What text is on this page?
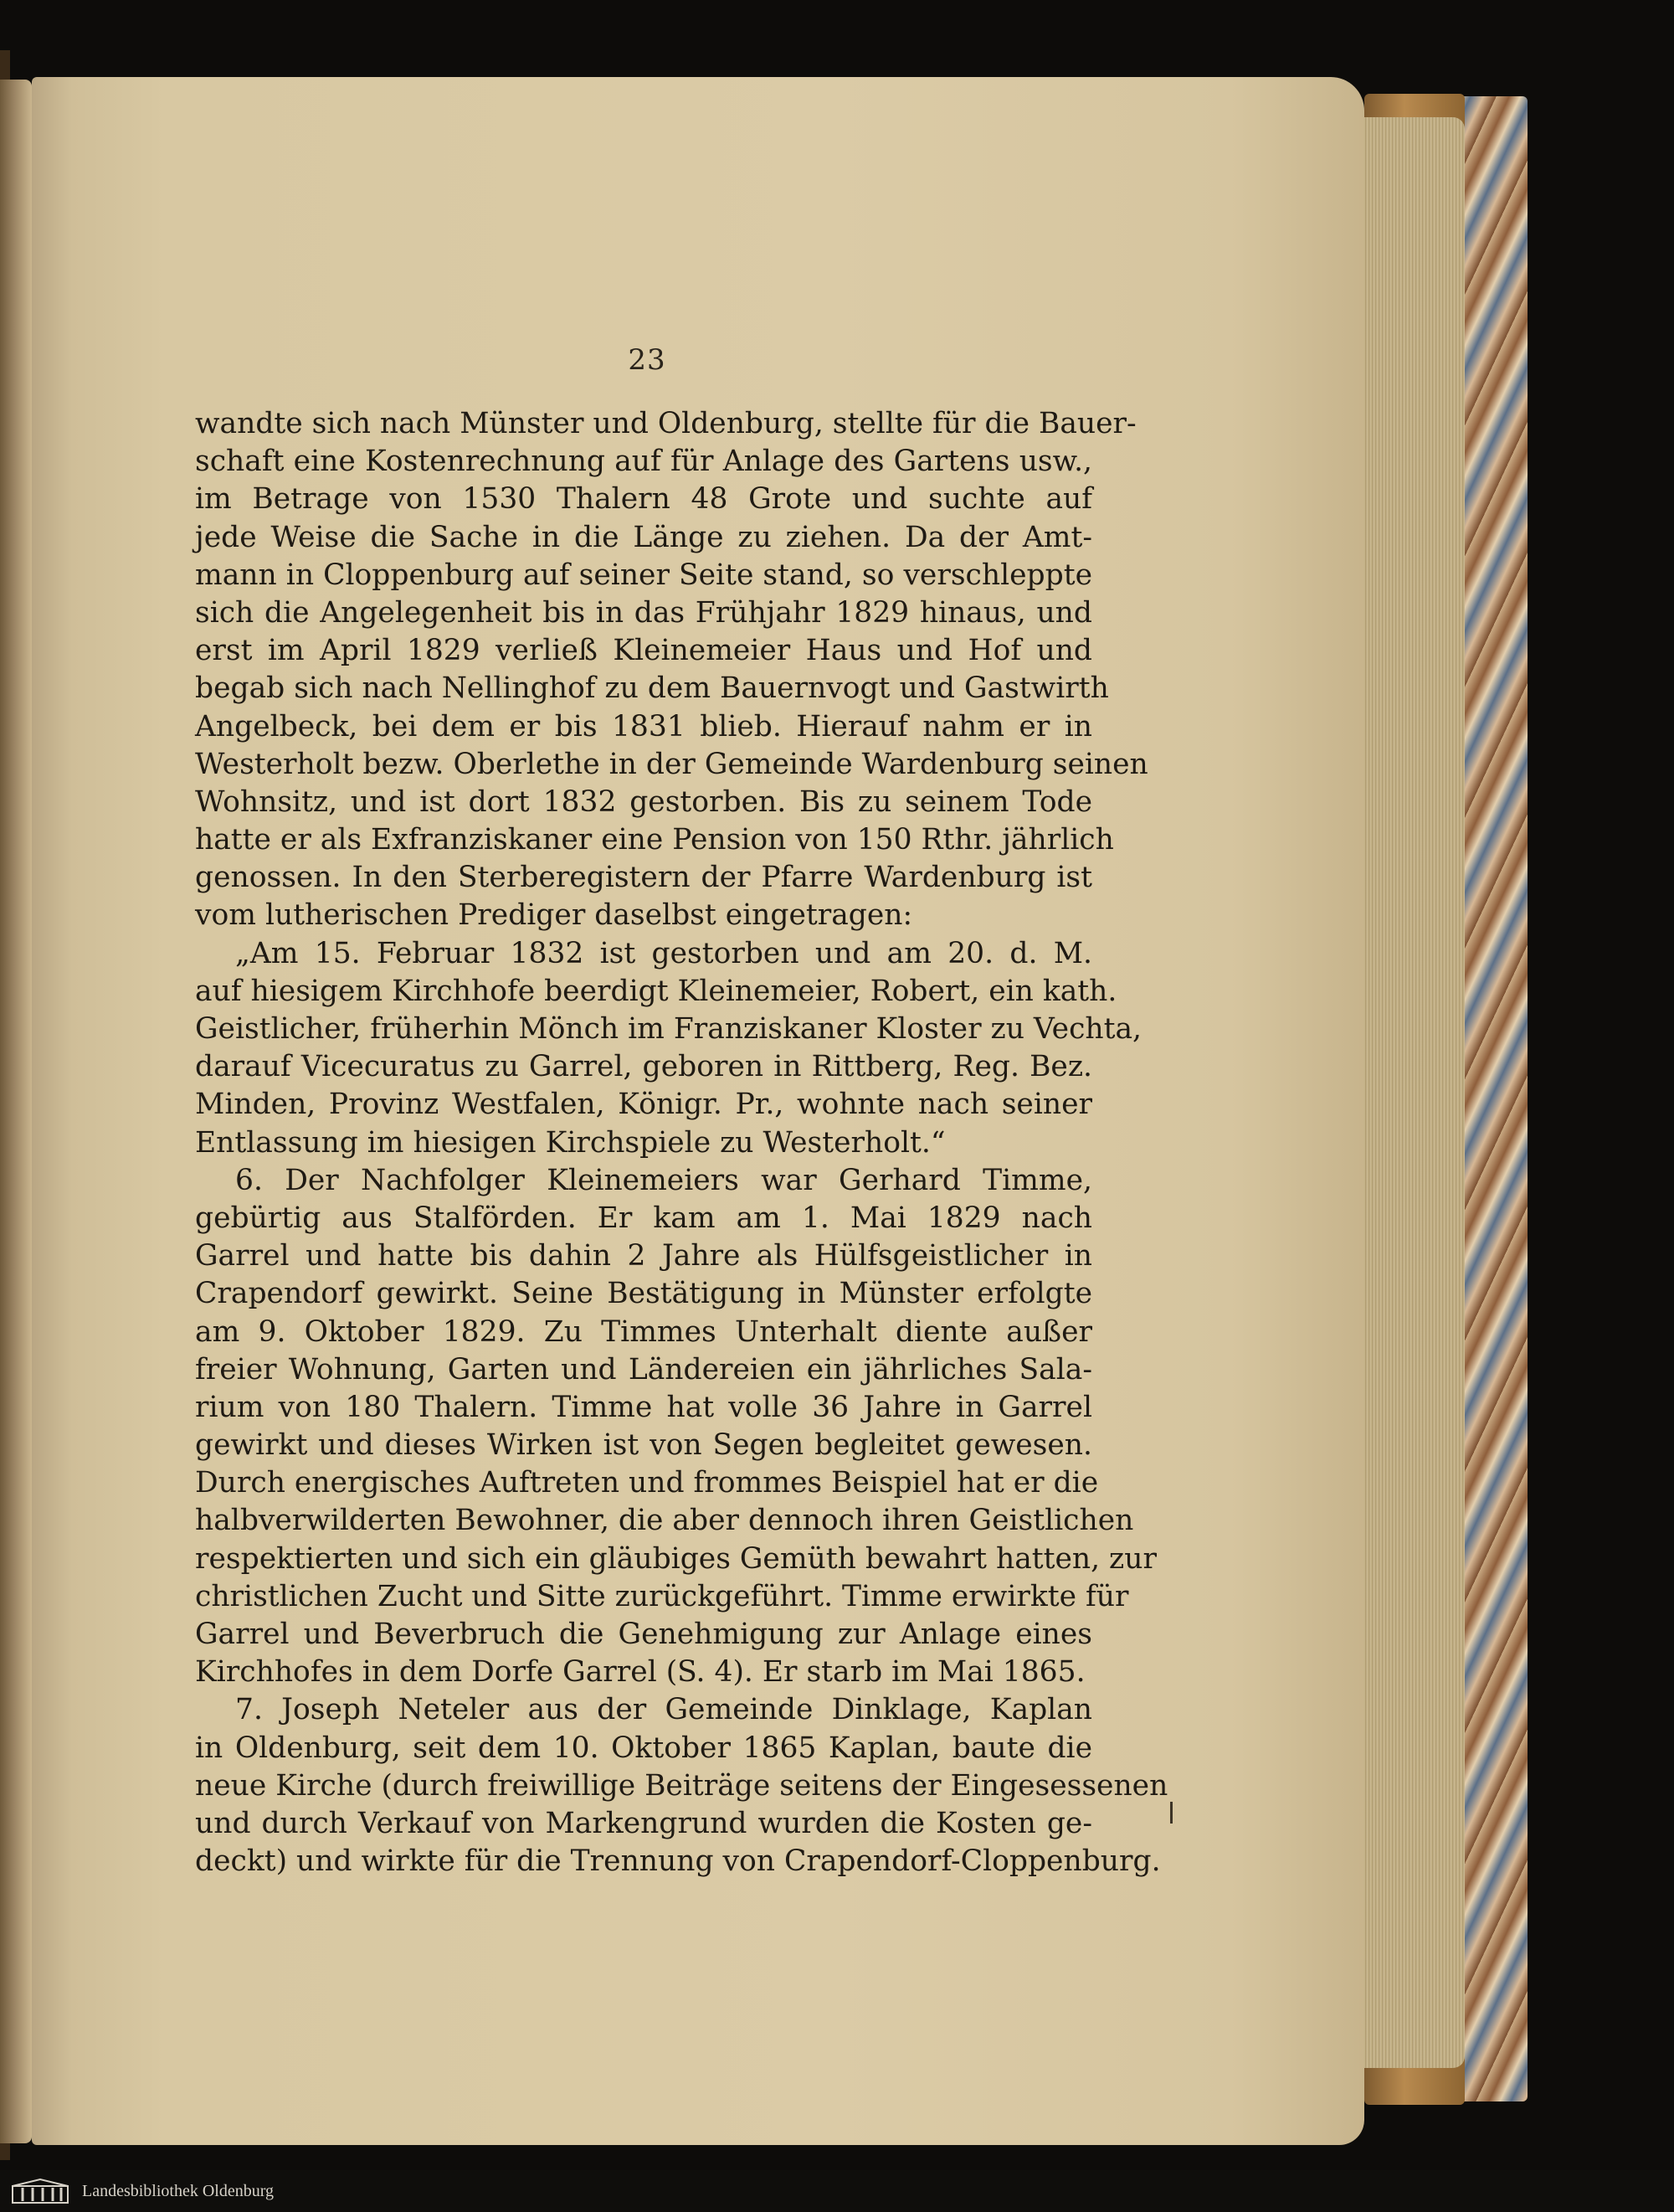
23
wandte sich nach Münster und Oldenburg, stellte für die Bauer-
schaft eine Kostenrechnung auf für Anlage des Gartens usw.,
im Betrage von 1530 Thalern 48 Grote und suchte auf
jede Weise die Sache in die Länge zu ziehen. Da der Amt-
mann in Cloppenburg auf seiner Seite stand, so verschleppte
sich die Angelegenheit bis in das Frühjahr 1829 hinaus, und
erst im April 1829 verließ Kleinemeier Haus und Hof und
begab sich nach Nellinghof zu dem Bauernvogt und Gastwirth
Angelbeck, bei dem er bis 1831 blieb. Hierauf nahm er in
Westerholt bezw. Oberlethe in der Gemeinde Wardenburg seinen
Wohnsitz, und ist dort 1832 gestorben. Bis zu seinem Tode
hatte er als Exfranziskaner eine Pension von 150 Rthr. jährlich
genossen. In den Sterberegistern der Pfarre Wardenburg ist
vom lutherischen Prediger daselbst eingetragen:
„Am 15. Februar 1832 ist gestorben und am 20. d. M.
auf hiesigem Kirchhofe beerdigt Kleinemeier, Robert, ein kath.
Geistlicher, früherhin Mönch im Franziskaner Kloster zu Vechta,
darauf Vicecuratus zu Garrel, geboren in Rittberg, Reg. Bez.
Minden, Provinz Westfalen, Königr. Pr., wohnte nach seiner
Entlassung im hiesigen Kirchspiele zu Westerholt.“
6. Der Nachfolger Kleinemeiers war Gerhard Timme,
gebürtig aus Stalförden. Er kam am 1. Mai 1829 nach
Garrel und hatte bis dahin 2 Jahre als Hülfsgeistlicher in
Crapendorf gewirkt. Seine Bestätigung in Münster erfolgte
am 9. Oktober 1829. Zu Timmes Unterhalt diente außer
freier Wohnung, Garten und Ländereien ein jährliches Sala-
rium von 180 Thalern. Timme hat volle 36 Jahre in Garrel
gewirkt und dieses Wirken ist von Segen begleitet gewesen.
Durch energisches Auftreten und frommes Beispiel hat er die
halbverwilderten Bewohner, die aber dennoch ihren Geistlichen
respektierten und sich ein gläubiges Gemüth bewahrt hatten, zur
christlichen Zucht und Sitte zurückgeführt. Timme erwirkte für
Garrel und Beverbruch die Genehmigung zur Anlage eines
Kirchhofes in dem Dorfe Garrel (S. 4). Er starb im Mai 1865.
7. Joseph Neteler aus der Gemeinde Dinklage, Kaplan
in Oldenburg, seit dem 10. Oktober 1865 Kaplan, baute die
neue Kirche (durch freiwillige Beiträge seitens der Eingesessenen
und durch Verkauf von Markengrund wurden die Kosten ge-
deckt) und wirkte für die Trennung von Crapendorf-Cloppenburg.
Landesbibliothek Oldenburg
